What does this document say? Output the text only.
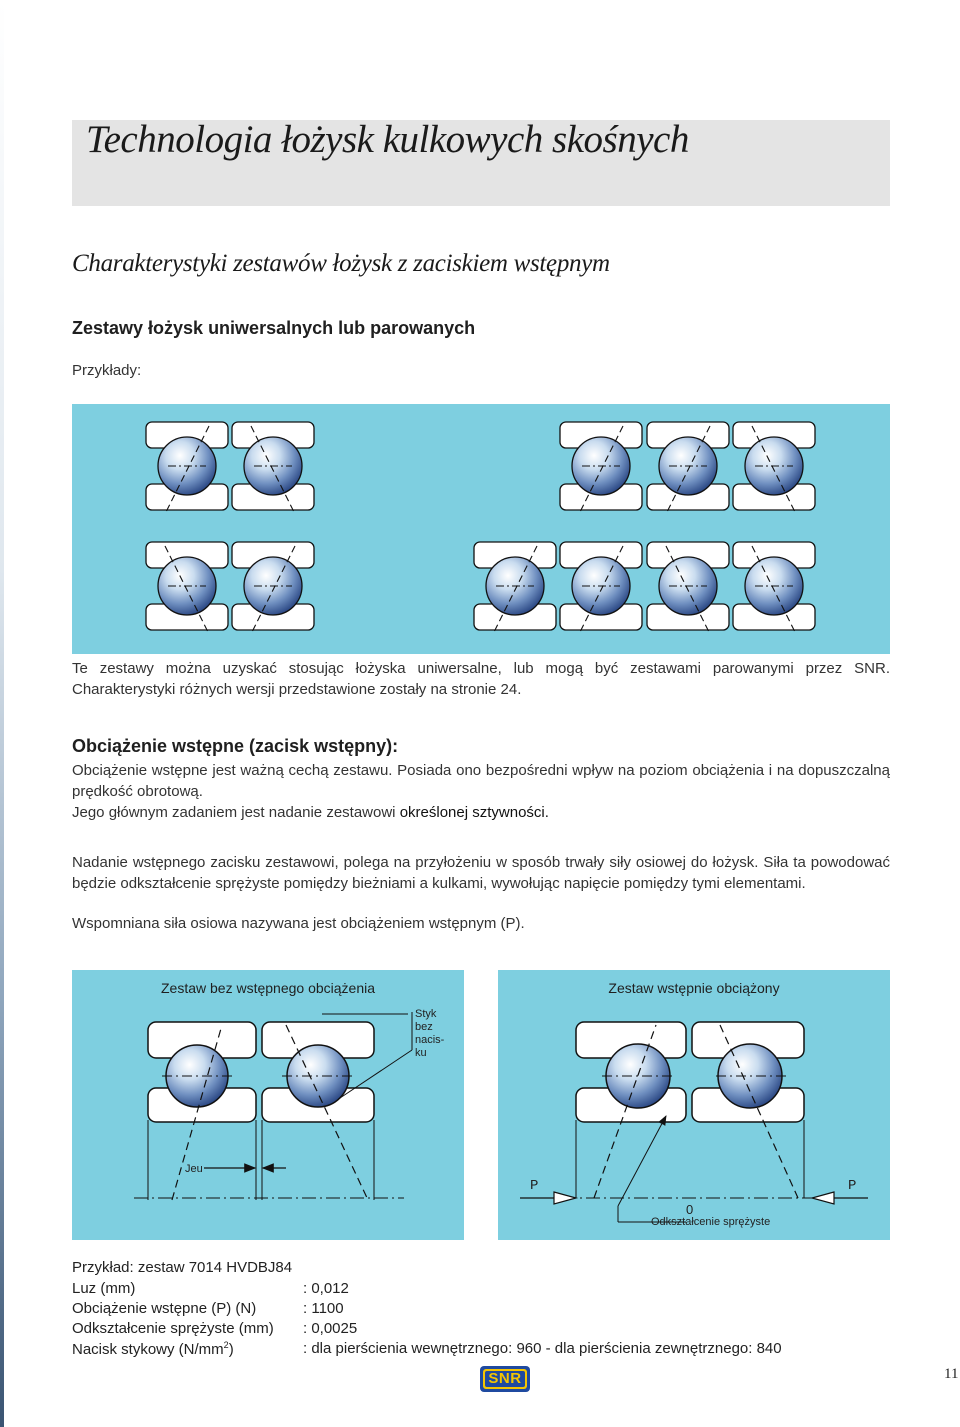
Technologia łożysk kulkowych skośnych
Charakterystyki zestawów łożysk z zaciskiem wstępnym
Zestawy łożysk uniwersalnych lub parowanych
Przykłady:
Te zestawy można uzyskać stosując łożyska uniwersalne, lub mogą być zestawami parowanymi przez SNR. Charakterystyki różnych wersji przedstawione zostały na stronie 24.
Obciążenie wstępne (zacisk wstępny):
Obciążenie wstępne jest ważną cechą zestawu. Posiada ono bezpośredni wpływ na poziom obciążenia i na dopuszczalną prędkość obrotową.
Jego głównym zadaniem jest nadanie zestawowi określonej sztywności.
Nadanie wstępnego zacisku zestawowi, polega na przyłożeniu w sposób trwały siły osiowej do łożysk. Siła ta powodować będzie odkształcenie sprężyste pomiędzy bieżniami a kulkami, wywołując napięcie pomiędzy tymi elementami.
Wspomniana siła osiowa nazywana jest obciążeniem wstępnym (P).
Zestaw bez wstępnego obciążenia
Styk
bez nacis-
ku
Jeu
Zestaw wstępnie obciążony
P	P
0
Odkształcenie sprężyste
Przykład: zestaw 7014 HVDBJ84
Luz (mm)	: 0,012
Obciążenie wstępne (P) (N)	: 1100
Odkształcenie sprężyste (mm) : 0,0025
Nacisk stykowy $(N/mm^2)$	: dla pierścienia wewnętrznego: 960 - dla pierścienia zewnętrznego: 840
SNR	11
